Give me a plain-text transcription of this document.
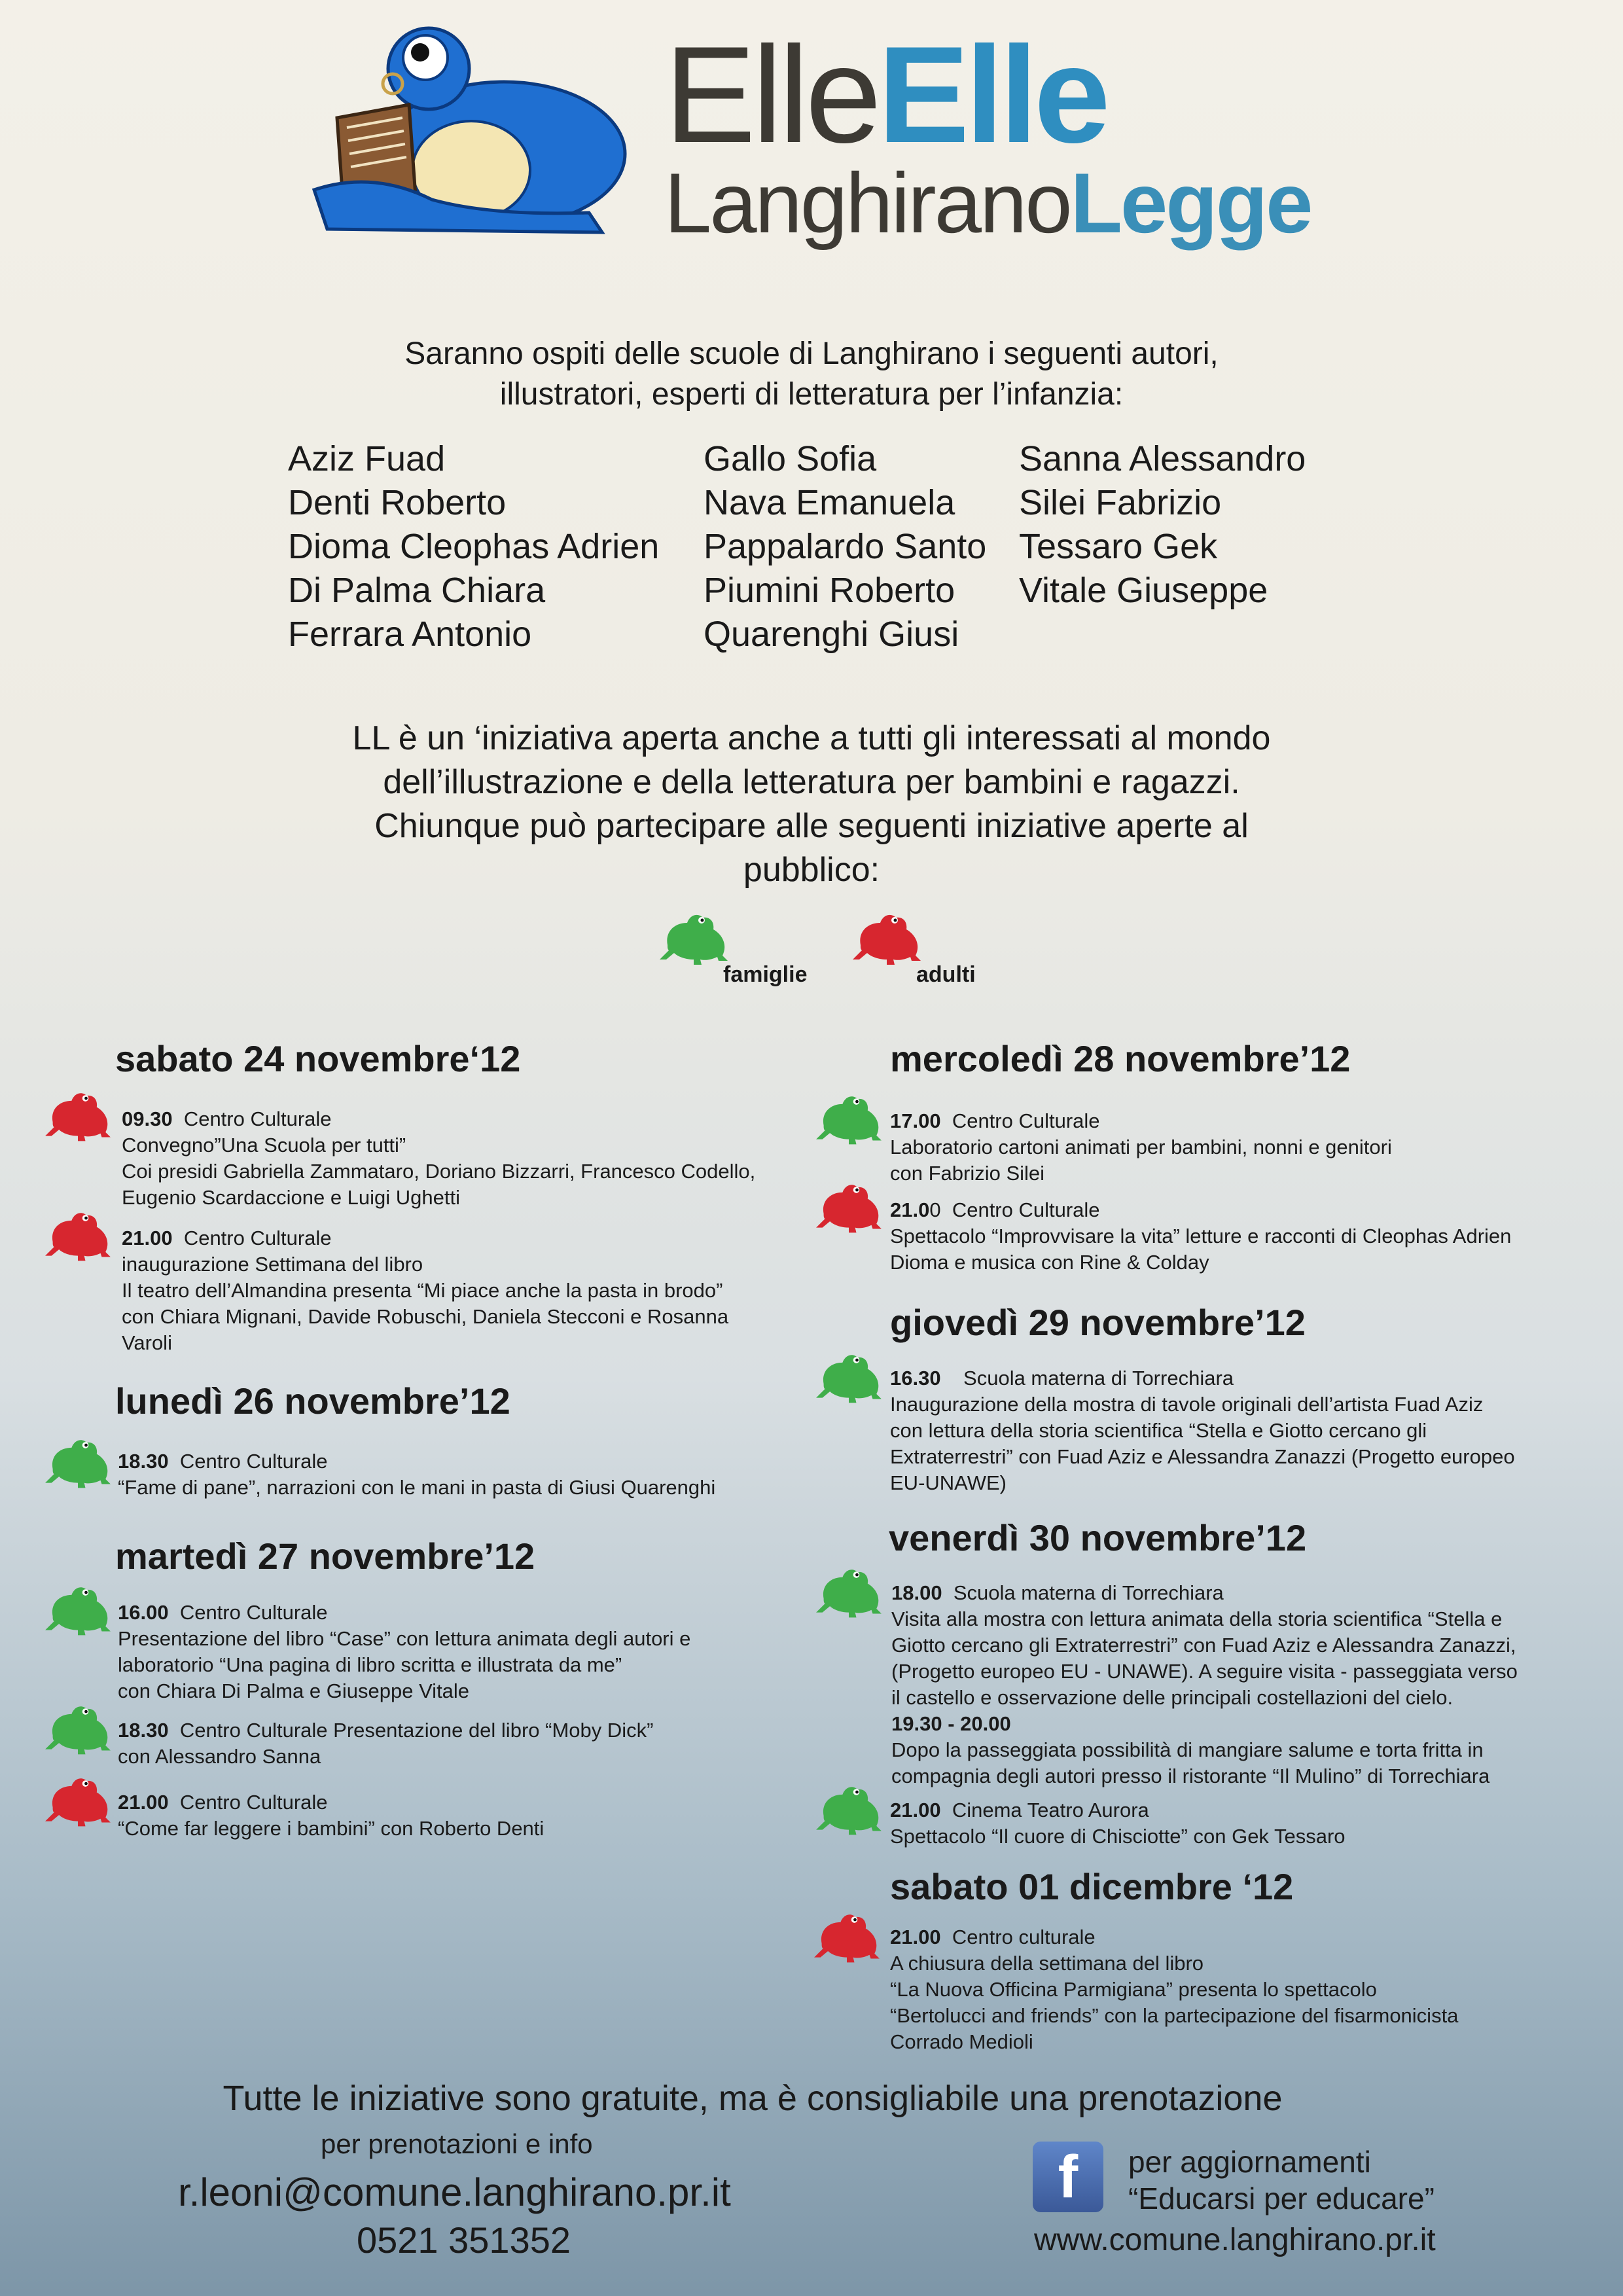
ElleElle
LanghiranoLegge
Saranno ospiti delle scuole di Langhirano i seguenti autori,
illustratori, esperti di letteratura per l’infanzia:
Aziz Fuad
Denti Roberto
Dioma Cleophas Adrien
Di Palma Chiara
Ferrara Antonio
Gallo Sofia
Nava Emanuela
Pappalardo Santo
Piumini Roberto
Quarenghi Giusi
Sanna Alessandro
Silei Fabrizio
Tessaro Gek
Vitale Giuseppe
LL è un ‘iniziativa aperta anche a tutti gli interessati al mondo
dell’illustrazione e della letteratura per bambini e ragazzi.
Chiunque può partecipare alle seguenti iniziative aperte al
pubblico:
famiglie	adulti
sabato 24 novembre‘12
09.30 Centro Culturale
Convegno”Una Scuola per tutti”
Coi presidi Gabriella Zammataro, Doriano Bizzarri, Francesco Codello,
Eugenio Scardaccione e Luigi Ughetti
21.00 Centro Culturale
inaugurazione Settimana del libro
Il teatro dell’Almandina presenta “Mi piace anche la pasta in brodo”
con Chiara Mignani, Davide Robuschi, Daniela Stecconi e Rosanna
Varoli
lunedì 26 novembre’12
18.30 Centro Culturale
“Fame di pane”, narrazioni con le mani in pasta di Giusi Quarenghi
martedì 27 novembre’12
16.00 Centro Culturale
Presentazione del libro “Case” con lettura animata degli autori e
laboratorio “Una pagina di libro scritta e illustrata da me”
con Chiara Di Palma e Giuseppe Vitale
18.30 Centro Culturale Presentazione del libro “Moby Dick”
con Alessandro Sanna
21.00 Centro Culturale
“Come far leggere i bambini” con Roberto Denti
mercoledì 28 novembre’12
17.00 Centro Culturale
Laboratorio cartoni animati per bambini, nonni e genitori
con Fabrizio Silei
21.00 Centro Culturale
Spettacolo “Improvvisare la vita” letture e racconti di Cleophas Adrien
Dioma e musica con Rine & Colday
giovedì 29 novembre’12
16.30 Scuola materna di Torrechiara
Inaugurazione della mostra di tavole originali dell’artista Fuad Aziz
con lettura della storia scientifica “Stella e Giotto cercano gli
Extraterrestri” con Fuad Aziz e Alessandra Zanazzi (Progetto europeo
EU-UNAWE)
venerdì 30 novembre’12
18.00 Scuola materna di Torrechiara
Visita alla mostra con lettura animata della storia scientifica “Stella e
Giotto cercano gli Extraterrestri” con Fuad Aziz e Alessandra Zanazzi,
(Progetto europeo EU - UNAWE). A seguire visita - passeggiata verso
il castello e osservazione delle principali costellazioni del cielo.
19.30 - 20.00
Dopo la passeggiata possibilità di mangiare salume e torta fritta in
compagnia degli autori presso il ristorante “Il Mulino” di Torrechiara
21.00 Cinema Teatro Aurora
Spettacolo “Il cuore di Chisciotte” con Gek Tessaro
sabato 01 dicembre ‘12
21.00 Centro culturale
A chiusura della settimana del libro
“La Nuova Officina Parmigiana” presenta lo spettacolo
“Bertolucci and friends” con la partecipazione del fisarmonicista
Corrado Medioli
Tutte le iniziative sono gratuite, ma è consigliabile una prenotazione
per prenotazioni e info
r.leoni@comune.langhirano.pr.it
0521 351352
f per aggiornamenti
“Educarsi per educare”
www.comune.langhirano.pr.it
